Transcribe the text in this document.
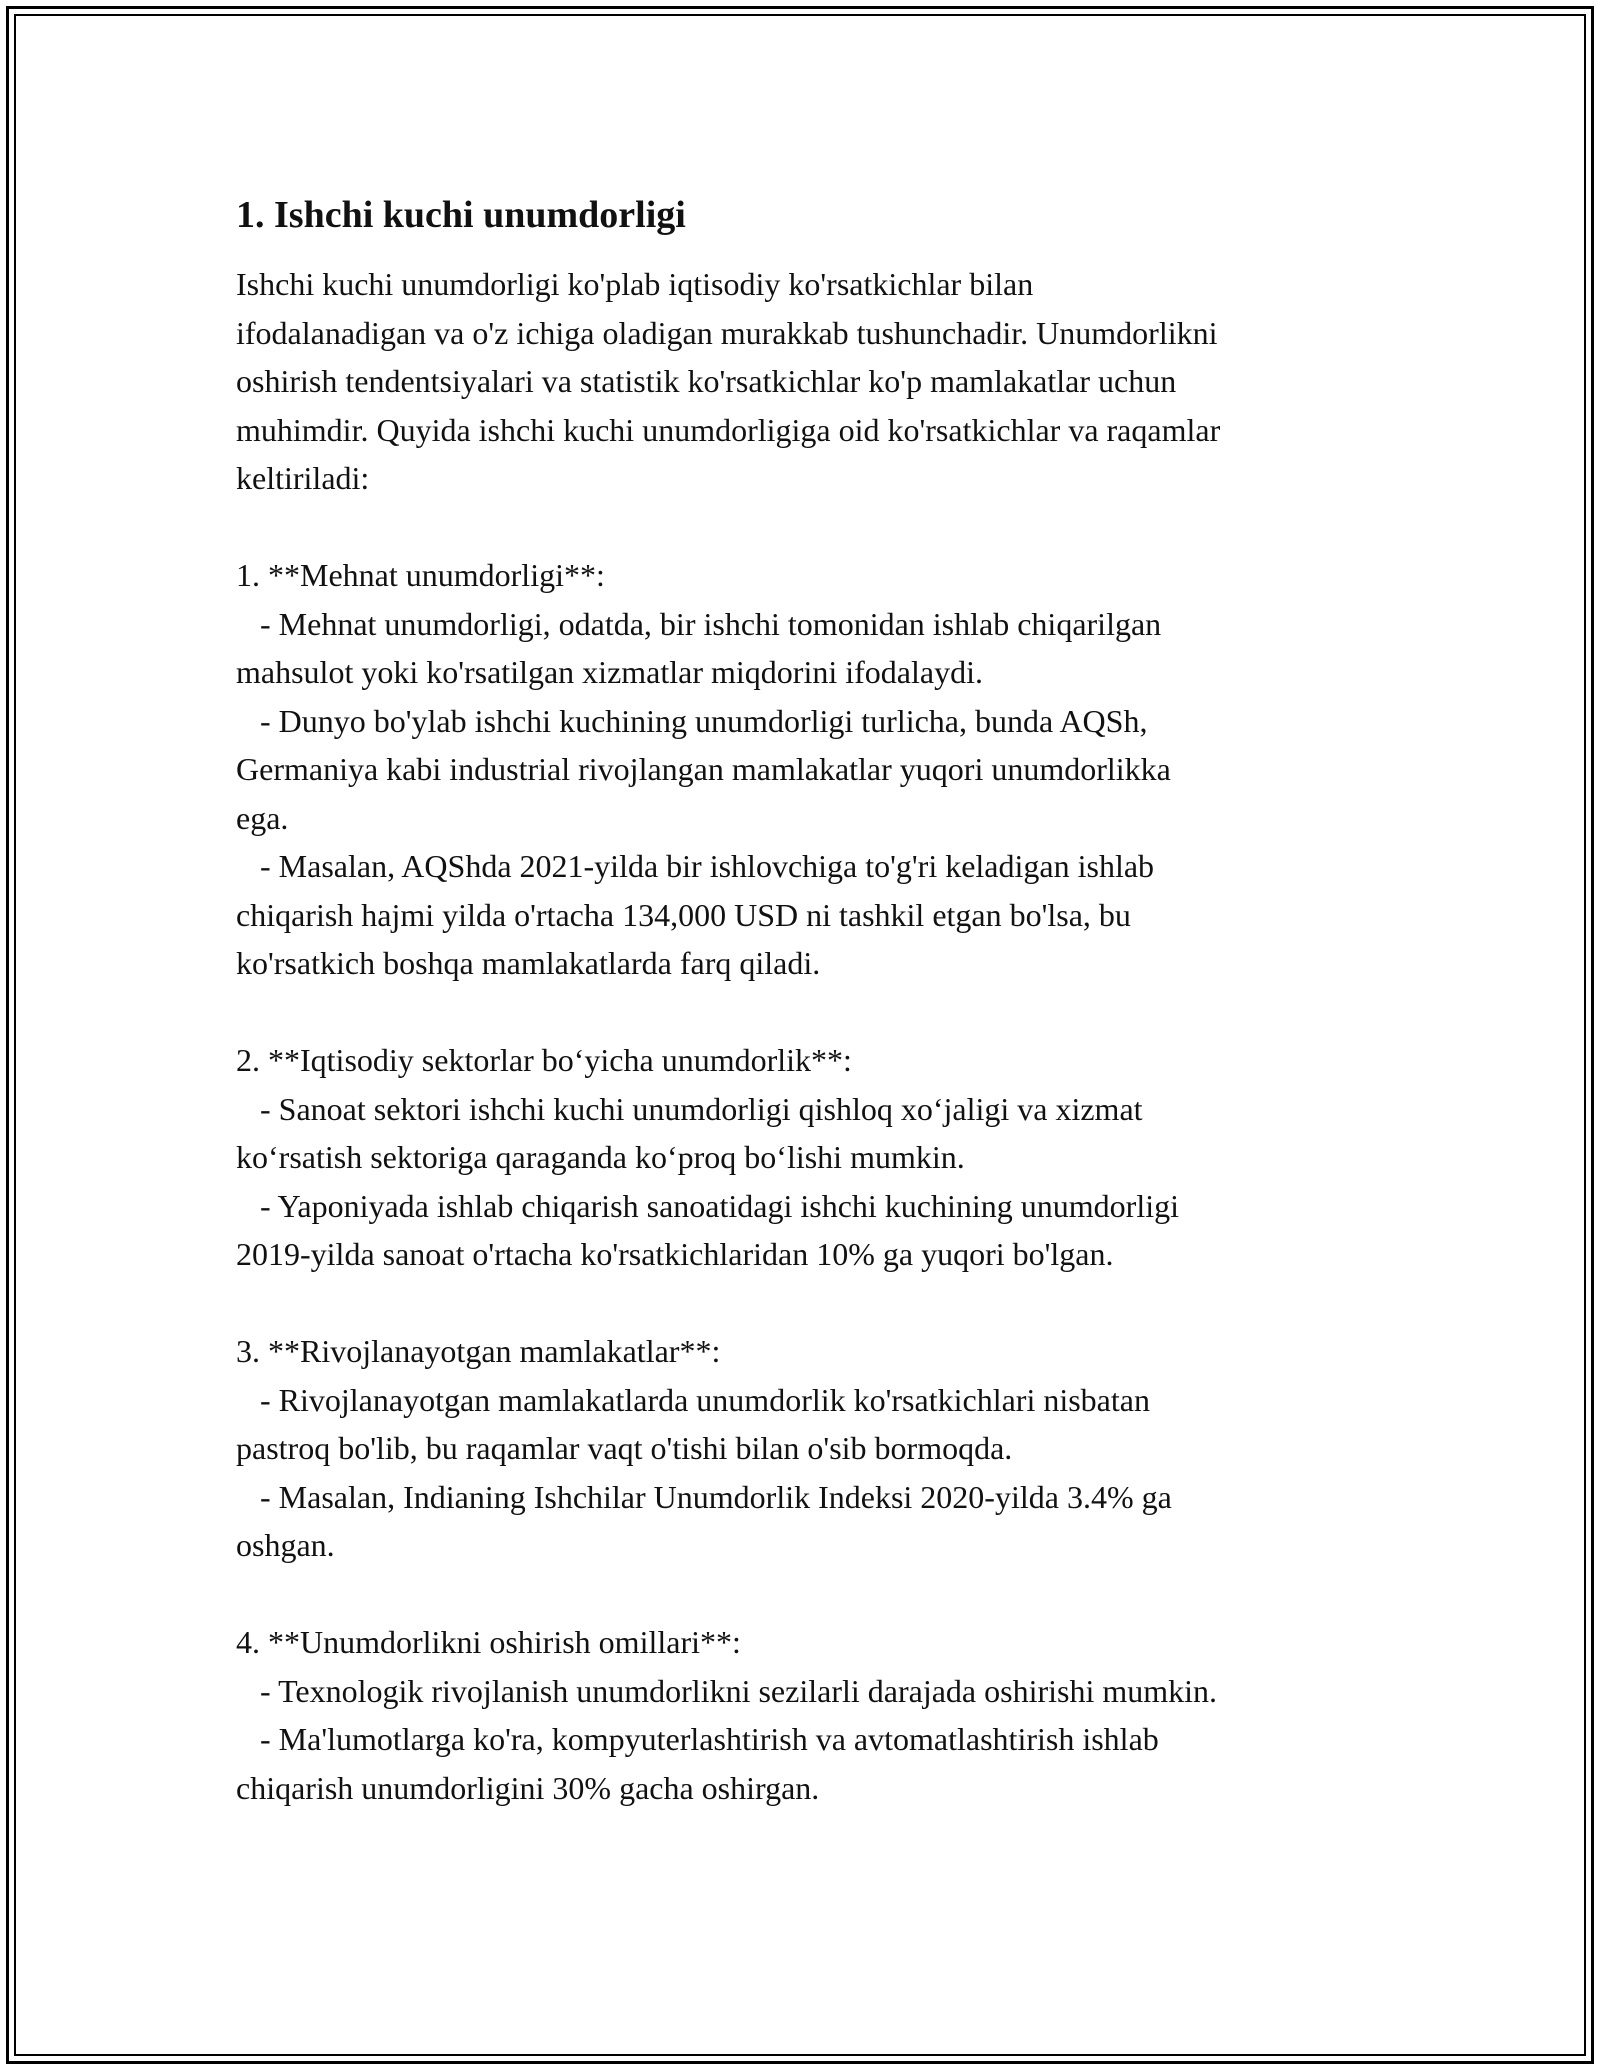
1. Ishchi kuchi unumdorligi
Ishchi kuchi unumdorligi ko'plab iqtisodiy ko'rsatkichlar bilan
ifodalanadigan va o'z ichiga oladigan murakkab tushunchadir. Unumdorlikni
oshirish tendentsiyalari va statistik ko'rsatkichlar ko'p mamlakatlar uchun
muhimdir. Quyida ishchi kuchi unumdorligiga oid ko'rsatkichlar va raqamlar
keltiriladi:
1. **Mehnat unumdorligi**:
- Mehnat unumdorligi, odatda, bir ishchi tomonidan ishlab chiqarilgan
mahsulot yoki ko'rsatilgan xizmatlar miqdorini ifodalaydi.
- Dunyo bo'ylab ishchi kuchining unumdorligi turlicha, bunda AQSh,
Germaniya kabi industrial rivojlangan mamlakatlar yuqori unumdorlikka
ega.
- Masalan, AQShda 2021-yilda bir ishlovchiga to'g'ri keladigan ishlab
chiqarish hajmi yilda o'rtacha 134,000 USD ni tashkil etgan bo'lsa, bu
ko'rsatkich boshqa mamlakatlarda farq qiladi.
2. **Iqtisodiy sektorlar bo‘yicha unumdorlik**:
- Sanoat sektori ishchi kuchi unumdorligi qishloq xo‘jaligi va xizmat
ko‘rsatish sektoriga qaraganda ko‘proq bo‘lishi mumkin.
- Yaponiyada ishlab chiqarish sanoatidagi ishchi kuchining unumdorligi
2019-yilda sanoat o'rtacha ko'rsatkichlaridan 10% ga yuqori bo'lgan.
3. **Rivojlanayotgan mamlakatlar**:
- Rivojlanayotgan mamlakatlarda unumdorlik ko'rsatkichlari nisbatan
pastroq bo'lib, bu raqamlar vaqt o'tishi bilan o'sib bormoqda.
- Masalan, Indianing Ishchilar Unumdorlik Indeksi 2020-yilda 3.4% ga
oshgan.
4. **Unumdorlikni oshirish omillari**:
- Texnologik rivojlanish unumdorlikni sezilarli darajada oshirishi mumkin.
- Ma'lumotlarga ko'ra, kompyuterlashtirish va avtomatlashtirish ishlab
chiqarish unumdorligini 30% gacha oshirgan.
